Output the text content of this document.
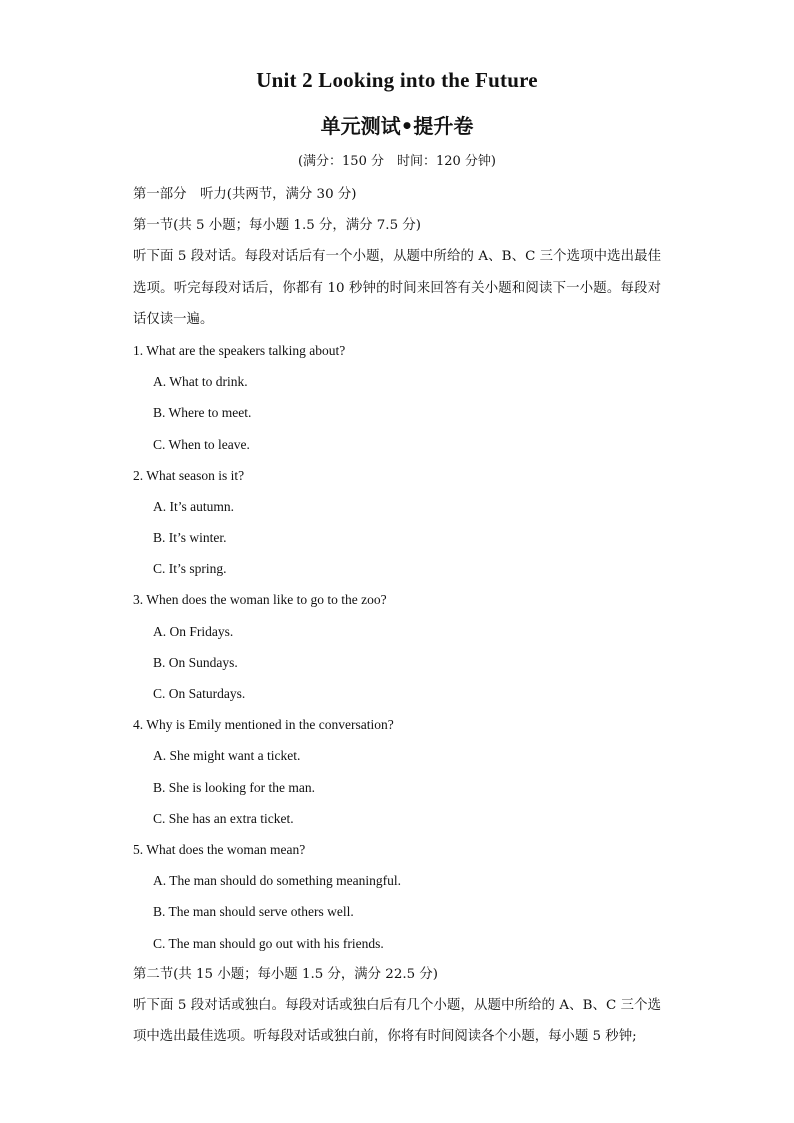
Unit 2 Looking into the Future
单元测试•提升卷
(满分：150 分　时间：120 分钟)
第一部分　听力(共两节，满分 30 分)
第一节(共 5 小题；每小题 1.5 分，满分 7.5 分)
听下面 5 段对话。每段对话后有一个小题，从题中所给的 A、B、C 三个选项中选出最佳选项。听完每段对话后，你都有 10 秒钟的时间来回答有关小题和阅读下一小题。每段对话仅读一遍。
1. What are the speakers talking about?
A. What to drink.
B. Where to meet.
C. When to leave.
2. What season is it?
A. It’s autumn.
B. It’s winter.
C. It’s spring.
3. When does the woman like to go to the zoo?
A. On Fridays.
B. On Sundays.
C. On Saturdays.
4. Why is Emily mentioned in the conversation?
A. She might want a ticket.
B. She is looking for the man.
C. She has an extra ticket.
5. What does the woman mean?
A. The man should do something meaningful.
B. The man should serve others well.
C. The man should go out with his friends.
第二节(共 15 小题；每小题 1.5 分，满分 22.5 分)
听下面 5 段对话或独白。每段对话或独白后有几个小题，从题中所给的 A、B、C 三个选项中选出最佳选项。听每段对话或独白前，你将有时间阅读各个小题，每小题 5 秒钟;
